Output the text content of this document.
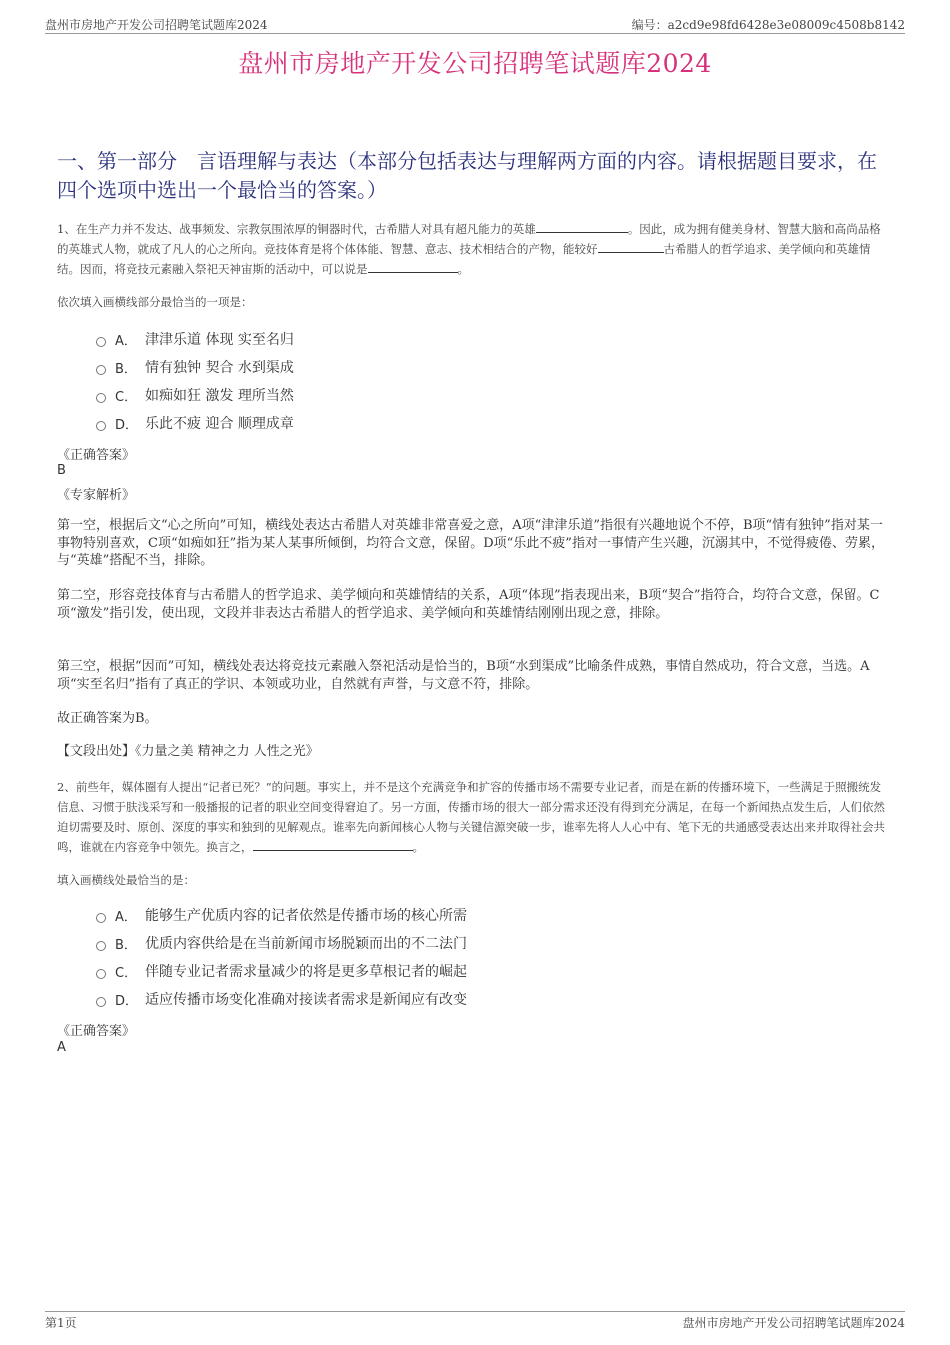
盘州市房地产开发公司招聘笔试题库2024	编号：a2cd9e98fd6428e3e08009c4508b8142
盘州市房地产开发公司招聘笔试题库2024
一、第一部分　言语理解与表达（本部分包括表达与理解两方面的内容。请根据题目要求，在四个选项中选出一个最恰当的答案。）
1、在生产力并不发达、战事频发、宗教氛围浓厚的铜器时代，古希腊人对具有超凡能力的英雄	。因此，成为拥有健美身材、智慧大脑和高尚品格的英雄式人物，就成了凡人的心之所向。竞技体育是将个体体能、智慧、意志、技术相结合的产物，能较好	古希腊人的哲学追求、美学倾向和英雄情结。因而，将竞技元素融入祭祀天神宙斯的活动中，可以说是	。
依次填入画横线部分最恰当的一项是：
A． 津津乐道 体现 实至名归
B． 情有独钟 契合 水到渠成
C． 如痴如狂 激发 理所当然
D． 乐此不疲 迎合 顺理成章
《正确答案》
B
《专家解析》
第一空，根据后文“心之所向”可知，横线处表达古希腊人对英雄非常喜爱之意，A项“津津乐道”指很有兴趣地说个不停，B项“情有独钟”指对某一事物特别喜欢，C项“如痴如狂”指为某人某事所倾倒，均符合文意，保留。D项“乐此不疲”指对一事情产生兴趣，沉溺其中，不觉得疲倦、劳累，与“英雄”搭配不当，排除。
第二空，形容竞技体育与古希腊人的哲学追求、美学倾向和英雄情结的关系，A项“体现”指表现出来，B项“契合”指符合，均符合文意，保留。C项“激发”指引发，使出现，文段并非表达古希腊人的哲学追求、美学倾向和英雄情结刚刚出现之意，排除。
第三空，根据“因而”可知，横线处表达将竞技元素融入祭祀活动是恰当的，B项“水到渠成”比喻条件成熟，事情自然成功，符合文意，当选。A项“实至名归”指有了真正的学识、本领或功业，自然就有声誉，与文意不符，排除。
故正确答案为B。
【文段出处】《力量之美 精神之力 人性之光》
2、前些年，媒体圈有人提出“记者已死？”的问题。事实上，并不是这个充满竞争和扩容的传播市场不需要专业记者，而是在新的传播环境下，一些满足于照搬统发信息、习惯于肤浅采写和一般播报的记者的职业空间变得窘迫了。另一方面，传播市场的很大一部分需求还没有得到充分满足，在每一个新闻热点发生后，人们依然迫切需要及时、原创、深度的事实和独到的见解观点。谁率先向新闻核心人物与关键信源突破一步，谁率先将人人心中有、笔下无的共通感受表达出来并取得社会共鸣，谁就在内容竞争中领先。换言之，	。
填入画横线处最恰当的是：
A． 能够生产优质内容的记者依然是传播市场的核心所需
B． 优质内容供给是在当前新闻市场脱颖而出的不二法门
C． 伴随专业记者需求量减少的将是更多草根记者的崛起
D． 适应传播市场变化准确对接读者需求是新闻应有改变
《正确答案》
A
第1页	盘州市房地产开发公司招聘笔试题库2024
